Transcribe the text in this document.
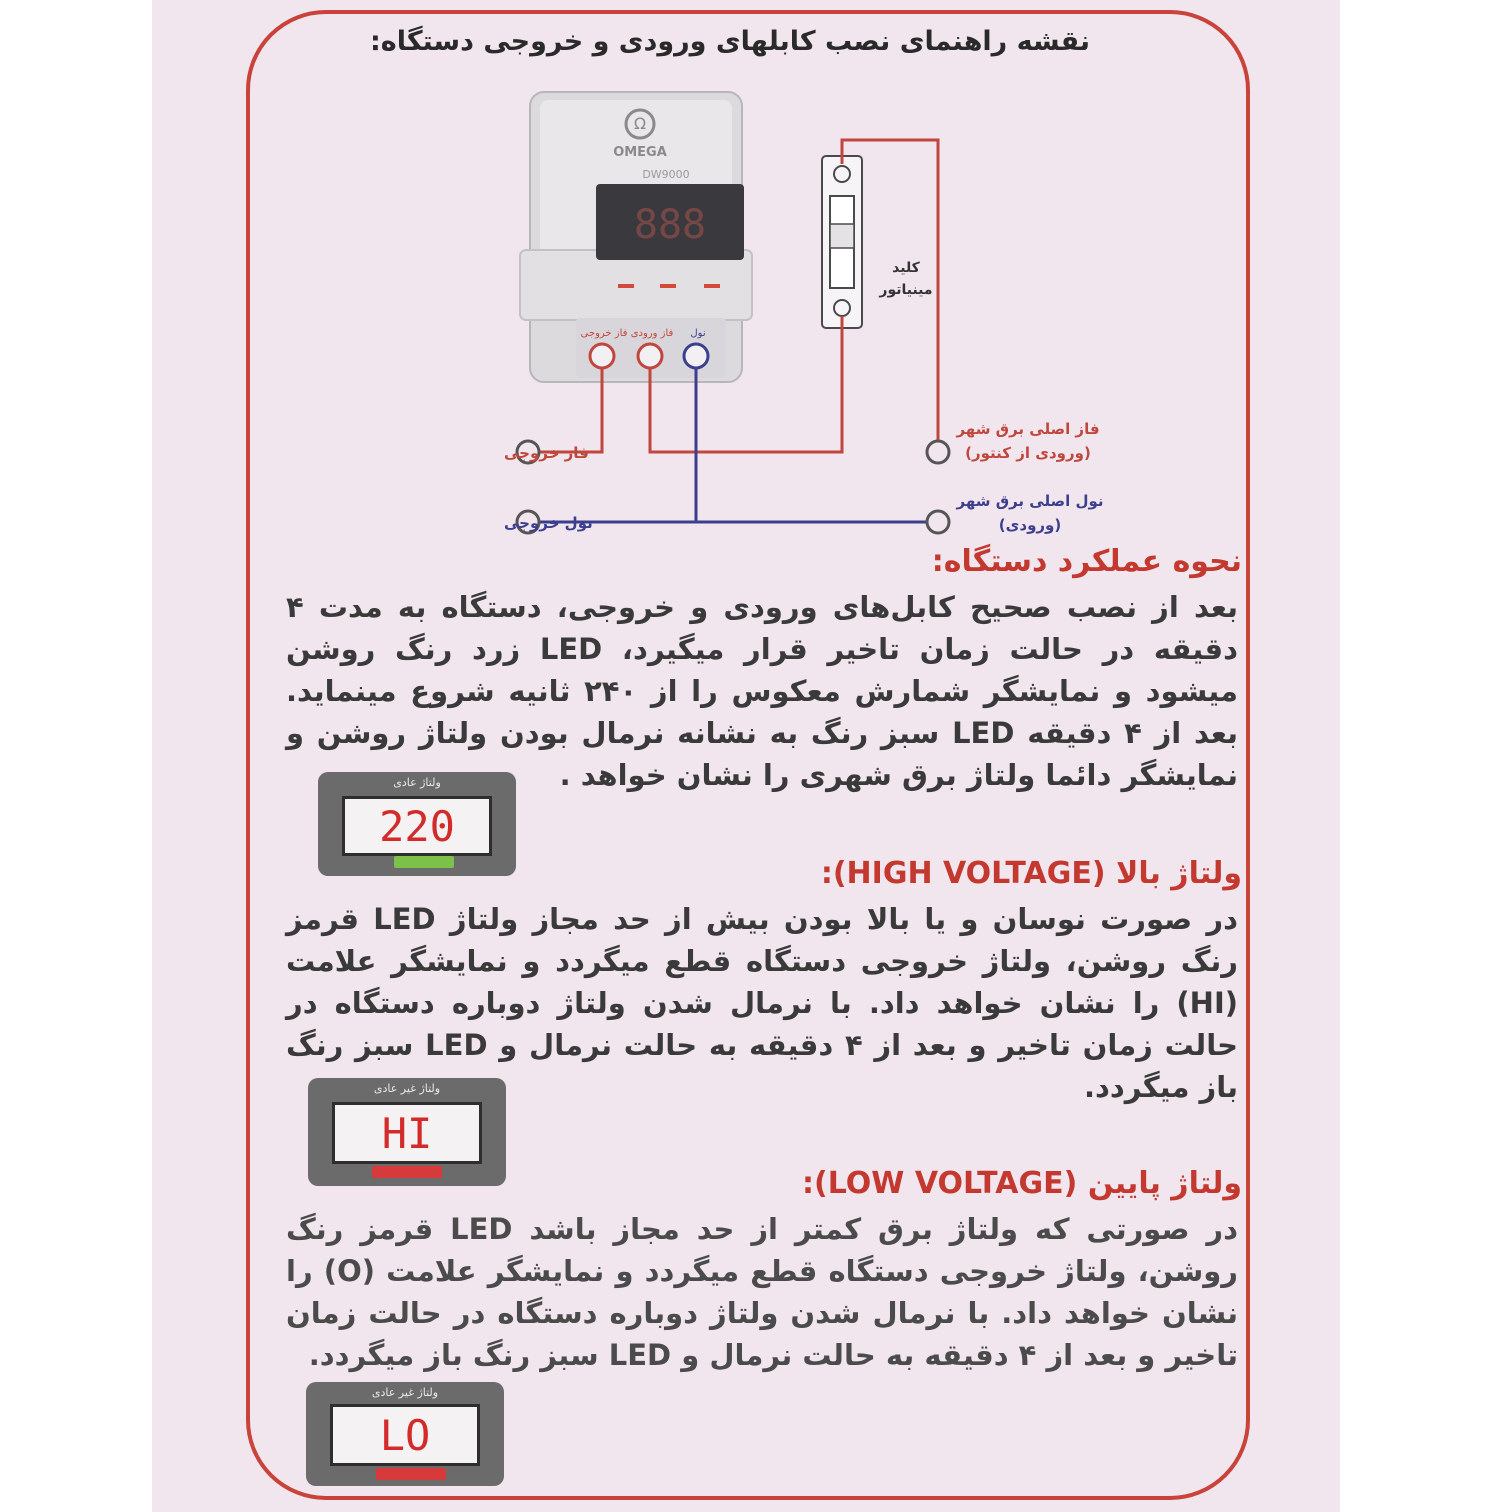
نقشه راهنمای نصب کابلهای ورودی و خروجی دستگاه:
Ω
OMEGA
DW9000
888
فاز خروجی فاز ورودی نول
کلید
مینیاتور
فاز خروجی
نول خروجی
فاز اصلی برق شهر
(ورودی از کنتور)
نول اصلی برق شهر
(ورودی)
نحوه عملکرد دستگاه:
بعد از نصب صحیح کابل‌های ورودی و خروجی، دستگاه به مدت ۴ دقیقه در حالت زمان تاخیر قرار میگیرد، LED زرد رنگ روشن میشود و نمایشگر شمارش معکوس را از ۲۴۰ ثانیه شروع مینماید. بعد از ۴ دقیقه LED سبز رنگ به نشانه نرمال بودن ولتاژ روشن و نمایشگر دائما ولتاژ برق شهری را نشان خواهد .
ولتاژ عادی
220
ولتاژ بالا (HIGH VOLTAGE):
در صورت نوسان و یا بالا بودن بیش از حد مجاز ولتاژ LED قرمز رنگ روشن، ولتاژ خروجی دستگاه قطع میگردد و نمایشگر علامت (HI) را نشان خواهد داد. با نرمال شدن ولتاژ دوباره دستگاه در حالت زمان تاخیر و بعد از ۴ دقیقه به حالت نرمال و LED سبز رنگ باز میگردد.
ولتاژ غیر عادی
HI
ولتاژ پایین (LOW VOLTAGE):
در صورتی که ولتاژ برق کمتر از حد مجاز باشد LED قرمز رنگ روشن، ولتاژ خروجی دستگاه قطع میگردد و نمایشگر علامت (O) را نشان خواهد داد. با نرمال شدن ولتاژ دوباره دستگاه در حالت زمان تاخیر و بعد از ۴ دقیقه به حالت نرمال و LED سبز رنگ باز میگردد.
ولتاژ غیر عادی
LO
